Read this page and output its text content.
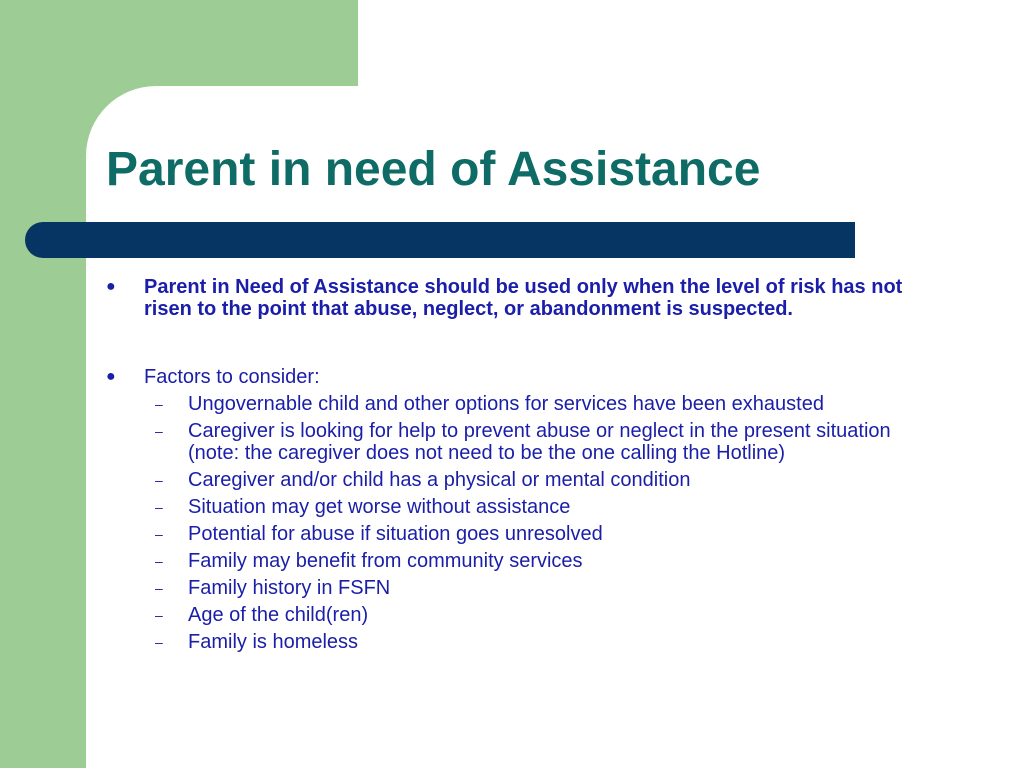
Parent in need of Assistance
● Parent in Need of Assistance should be used only when the level of risk has not risen to the point that abuse, neglect, or abandonment is suspected.
● Factors to consider:
– Ungovernable child and other options for services have been exhausted
– Caregiver is looking for help to prevent abuse or neglect in the present situation (note: the caregiver does not need to be the one calling the Hotline)
– Caregiver and/or child has a physical or mental condition
– Situation may get worse without assistance
– Potential for abuse if situation goes unresolved
– Family may benefit from community services
– Family history in FSFN
– Age of the child(ren)
– Family is homeless
